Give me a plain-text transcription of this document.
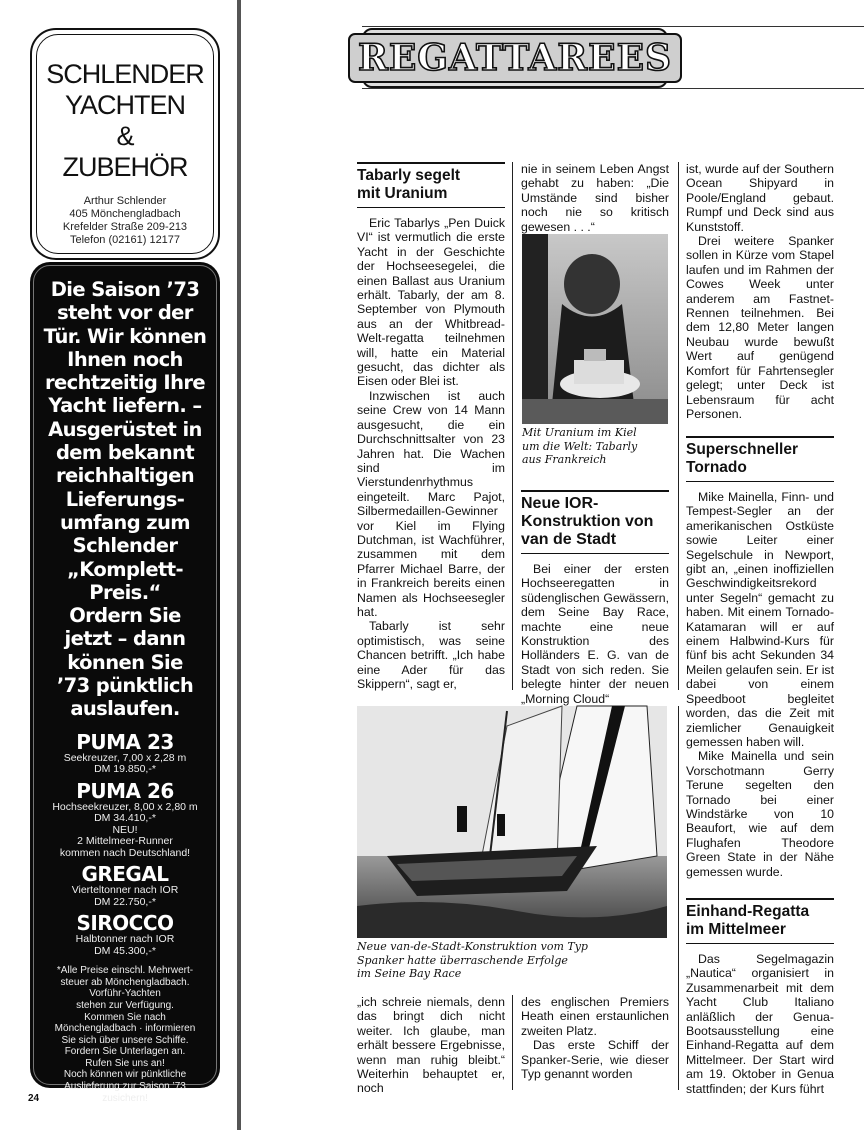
SCHLENDER
YACHTEN
&
ZUBEHÖR
Arthur Schlender
405 Mönchengladbach
Krefelder Straße 209-213
Telefon (02161) 12177
Die Saison ’73
steht vor der
Tür. Wir können
Ihnen noch
rechtzeitig Ihre
Yacht liefern. –
Ausgerüstet in
dem bekannt
reichhaltigen
Lieferungs-
umfang zum
Schlender
„Komplett-Preis.“
Ordern Sie
jetzt – dann
können Sie
’73 pünktlich
auslaufen.
PUMA 23
Seekreuzer, 7,00 x 2,28 m
DM 19.850,-*
PUMA 26
Hochseekreuzer, 8,00 x 2,80 m
DM 34.410,-*
NEU!
2 Mittelmeer-Runner
kommen nach Deutschland!
GREGAL
Vierteltonner nach IOR
DM 22.750,-*
SIROCCO
Halbtonner nach IOR
DM 45.300,-*
*Alle Preise einschl. Mehrwert-
steuer ab Mönchengladbach.
Vorführ-Yachten
stehen zur Verfügung.
Kommen Sie nach
Mönchengladbach · informieren
Sie sich über unsere Schiffe.
Fordern Sie Unterlagen an.
Rufen Sie uns an!
Noch können wir pünktliche
Auslieferung zur Saison ’73
zusichern!
24
REGATTAREES
Tabarly segelt
mit Uranium

Eric Tabarlys „Pen Duick VI“ ist vermutlich die erste Yacht in der Geschichte der Hochseesegelei, die einen Ballast aus Uranium erhält. Tabarly, der am 8. September von Plymouth aus an der Whitbread-Welt-regatta teilnehmen will, hatte ein Material gesucht, das dichter als Eisen oder Blei ist.

Inzwischen ist auch seine Crew von 14 Mann ausgesucht, die ein Durchschnittsalter von 23 Jahren hat. Die Wachen sind im Vierstundenrhythmus eingeteilt. Marc Pajot, Silbermedaillen-Gewinner vor Kiel im Flying Dutchman, ist Wachführer, zusammen mit dem Pfarrer Michael Barre, der in Frankreich bereits einen Namen als Hochseesegler hat.

Tabarly ist sehr optimistisch, was seine Chancen betrifft. „Ich habe eine Ader für das Skippern“, sagt er,

nie in seinem Leben Angst gehabt zu haben: „Die Umstände sind bisher noch nie so kritisch gewesen . . .“

Mit Uranium im Kiel
um die Welt: Tabarly
aus Frankreich
Neue IOR-
Konstruktion von
van de Stadt

Bei einer der ersten Hochseeregatten in südenglischen Gewässern, dem Seine Bay Race, machte eine neue Konstruktion des Holländers E. G. van de Stadt von sich reden. Sie belegte hinter der neuen „Morning Cloud“

ist, wurde auf der Southern Ocean Shipyard in Poole/England gebaut. Rumpf und Deck sind aus Kunststoff.

Drei weitere Spanker sollen in Kürze vom Stapel laufen und im Rahmen der Cowes Week unter anderem am Fastnet-Rennen teilnehmen. Bei dem 12,80 Meter langen Neubau wurde bewußt Wert auf genügend Komfort für Fahrtensegler gelegt; unter Deck ist Lebensraum für acht Personen.

Superschneller
Tornado

Mike Mainella, Finn- und Tempest-Segler an der amerikanischen Ostküste sowie Leiter einer Segelschule in Newport, gibt an, „einen inoffiziellen Geschwindigkeitsrekord unter Segeln“ gemacht zu haben. Mit einem Tornado-Katamaran will er auf einem Halbwind-Kurs für fünf bis acht Sekunden 34 Meilen gelaufen sein. Er ist dabei von einem Speedboot begleitet worden, das die Zeit mit ziemlicher Genauigkeit gemessen haben will.

Mike Mainella und sein Vorschotmann Gerry Terune segelten den Tornado bei einer Windstärke von 10 Beaufort, wie auf dem Flughafen Theodore Green State in der Nähe gemessen wurde.

Einhand-Regatta
im Mittelmeer

Das Segelmagazin „Nautica“ organisiert in Zusammenarbeit mit dem Yacht Club Italiano anläßlich der Genua-Bootsausstellung eine Einhand-Regatta auf dem Mittelmeer. Der Start wird am 19. Oktober in Genua stattfinden; der Kurs führt

Neue van-de-Stadt-Konstruktion vom Typ
Spanker hatte überraschende Erfolge
im Seine Bay Race

„ich schreie niemals, denn das bringt dich nicht weiter. Ich glaube, man erhält bessere Ergebnisse, wenn man ruhig bleibt.“ Weiterhin behauptet er, noch

des englischen Premiers Heath einen erstaunlichen zweiten Platz.

Das erste Schiff der Spanker-Serie, wie dieser Typ genannt worden
